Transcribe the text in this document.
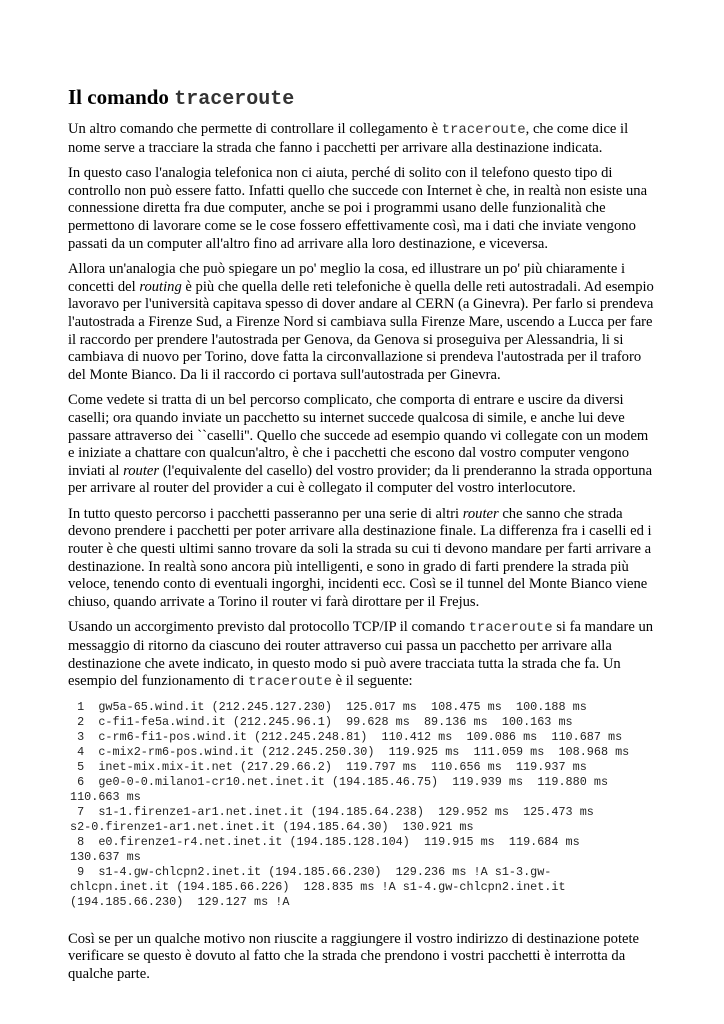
Il comando traceroute

Un altro comando che permette di controllare il collegamento è traceroute, che come dice il nome serve a tracciare la strada che fanno i pacchetti per arrivare alla destinazione indicata.

In questo caso l'analogia telefonica non ci aiuta, perché di solito con il telefono questo tipo di controllo non può essere fatto. Infatti quello che succede con Internet è che, in realtà non esiste una connessione diretta fra due computer, anche se poi i programmi usano delle funzionalità che permettono di lavorare come se le cose fossero effettivamente così, ma i dati che inviate vengono passati da un computer all'altro fino ad arrivare alla loro destinazione, e viceversa.

Allora un'analogia che può spiegare un po' meglio la cosa, ed illustrare un po' più chiaramente i concetti del routing è più che quella delle reti telefoniche è quella delle reti autostradali. Ad esempio lavoravo per l'università capitava spesso di dover andare al CERN (a Ginevra). Per farlo si prendeva l'autostrada a Firenze Sud, a Firenze Nord si cambiava sulla Firenze Mare, uscendo a Lucca per fare il raccordo per prendere l'autostrada per Genova, da Genova si proseguiva per Alessandria, li si cambiava di nuovo per Torino, dove fatta la circonvallazione si prendeva l'autostrada per il traforo del Monte Bianco. Da li il raccordo ci portava sull'autostrada per Ginevra.

Come vedete si tratta di un bel percorso complicato, che comporta di entrare e uscire da diversi caselli; ora quando inviate un pacchetto su internet succede qualcosa di simile, e anche lui deve passare attraverso dei ``caselli''. Quello che succede ad esempio quando vi collegate con un modem e iniziate a chattare con qualcun'altro, è che i pacchetti che escono dal vostro computer vengono inviati al router (l'equivalente del casello) del vostro provider; da li prenderanno la strada opportuna per arrivare al router del provider a cui è collegato il computer del vostro interlocutore.

In tutto questo percorso i pacchetti passeranno per una serie di altri router che sanno che strada devono prendere i pacchetti per poter arrivare alla destinazione finale. La differenza fra i caselli ed i router è che questi ultimi sanno trovare da soli la strada su cui ti devono mandare per farti arrivare a destinazione. In realtà sono ancora più intelligenti, e sono in grado di farti prendere la strada più veloce, tenendo conto di eventuali ingorghi, incidenti ecc. Così se il tunnel del Monte Bianco viene chiuso, quando arrivate a Torino il router vi farà dirottare per il Frejus.

Usando un accorgimento previsto dal protocollo TCP/IP il comando traceroute si fa mandare un messaggio di ritorno da ciascuno dei router attraverso cui passa un pacchetto per arrivare alla destinazione che avete indicato, in questo modo si può avere tracciata tutta la strada che fa. Un esempio del funzionamento di traceroute è il seguente:

1  gw5a-65.wind.it (212.245.127.230)  125.017 ms  108.475 ms  100.188 ms
2  c-fi1-fe5a.wind.it (212.245.96.1)  99.628 ms  89.136 ms  100.163 ms
3  c-rm6-fi1-pos.wind.it (212.245.248.81)  110.412 ms  109.086 ms  110.687 ms
4  c-mix2-rm6-pos.wind.it (212.245.250.30)  119.925 ms  111.059 ms  108.968 ms
5  inet-mix.mix-it.net (217.29.66.2)  119.797 ms  110.656 ms  119.937 ms
6  ge0-0-0.milano1-cr10.net.inet.it (194.185.46.75)  119.939 ms  119.880 ms
110.663 ms
7  s1-1.firenze1-ar1.net.inet.it (194.185.64.238)  129.952 ms  125.473 ms
s2-0.firenze1-ar1.net.inet.it (194.185.64.30)  130.921 ms
8  e0.firenze1-r4.net.inet.it (194.185.128.104)  119.915 ms  119.684 ms
130.637 ms
9  s1-4.gw-chlcpn2.inet.it (194.185.66.230)  129.236 ms !A s1-3.gw-
chlcpn.inet.it (194.185.66.226)  128.835 ms !A s1-4.gw-chlcpn2.inet.it
(194.185.66.230)  129.127 ms !A

Così se per un qualche motivo non riuscite a raggiungere il vostro indirizzo di destinazione potete verificare se questo è dovuto al fatto che la strada che prendono i vostri pacchetti è interrotta da qualche parte.
